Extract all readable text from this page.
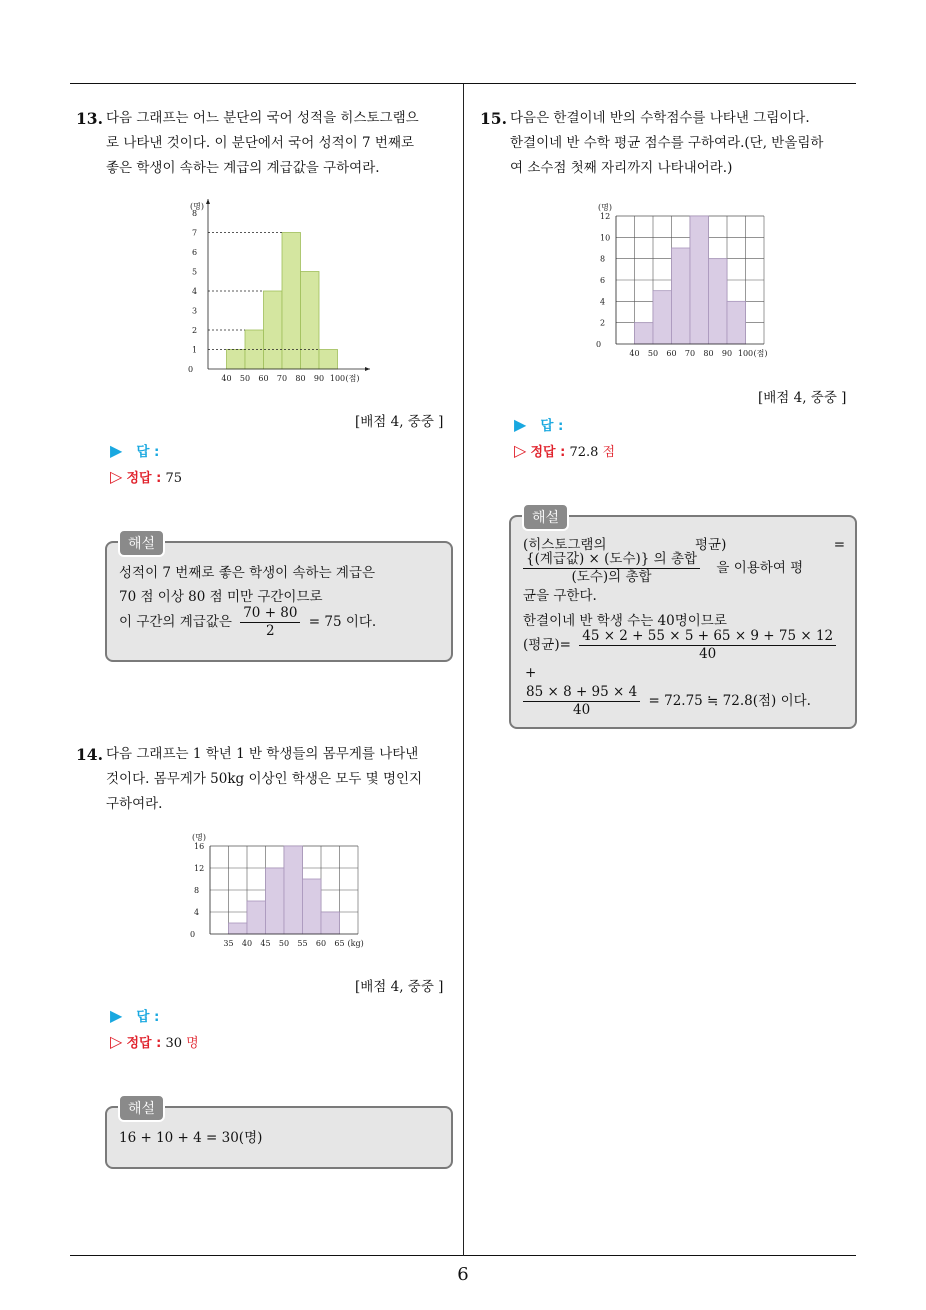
6
13. 다음 그래프는 어느 분단의 국어 성적을 히스토그램으
로 나타낸 것이다. 이 분단에서 국어 성적이 7 번째로
좋은 학생이 속하는 계급의 계급값을 구하여라.
1
2
3
4
5
6
7
8
0
40 50 60 70 80 90 100 (점)
(명)
[배점 4, 중중 ]
▶ 답 :
▷ 정답 : 75
성적이 7 번째로 좋은 학생이 속하는 계급은
70 점 이상 80 점 미만 구간이므로
이 구간의 계급값은 $\frac{70 + 80}{2} = 75$ 이다.
해설
14. 다음 그래프는 1 학년 1 반 학생들의 몸무게를 나타낸
것이다. 몸무게가 50kg 이상인 학생은 모두 몇 명인지
구하여라.
4
8
12
16
0
35 40 45 50 55 60 65 (kg)
(명)
[배점 4, 중중 ]
▶ 답 :
▷ 정답 : 30 명
16 + 10 + 4 = 30(명)
해설
15. 다음은 한결이네 반의 수학점수를 나타낸 그림이다.
한결이네 반 수학 평균 점수를 구하여라.(단, 반올림하
여 소수점 첫째 자리까지 나타내어라.)
2
4
6
8
10
12
0
40 50 60 70 80 90 100 (점)
(명)
[배점 4, 중중 ]
▶ 답 :
▷ 정답 : 72.8 점
(히스토그램의	평균)	=
$\frac{\text{\{(계급값) × (도수)\} 의 총합}}{\text{(도수)의 총합}}$ 을 이용하여 평
균을 구한다.
한결이네 반 학생 수는 40명이므로
(평균)= $\frac{45 \times 2 + 55 \times 5 + 65 \times 9 + 75 \times 12}{40}$
+
$\frac{85 \times 8 + 95 \times 4}{40} = 72.75$ ≒ 72.8(점) 이다.
해설
